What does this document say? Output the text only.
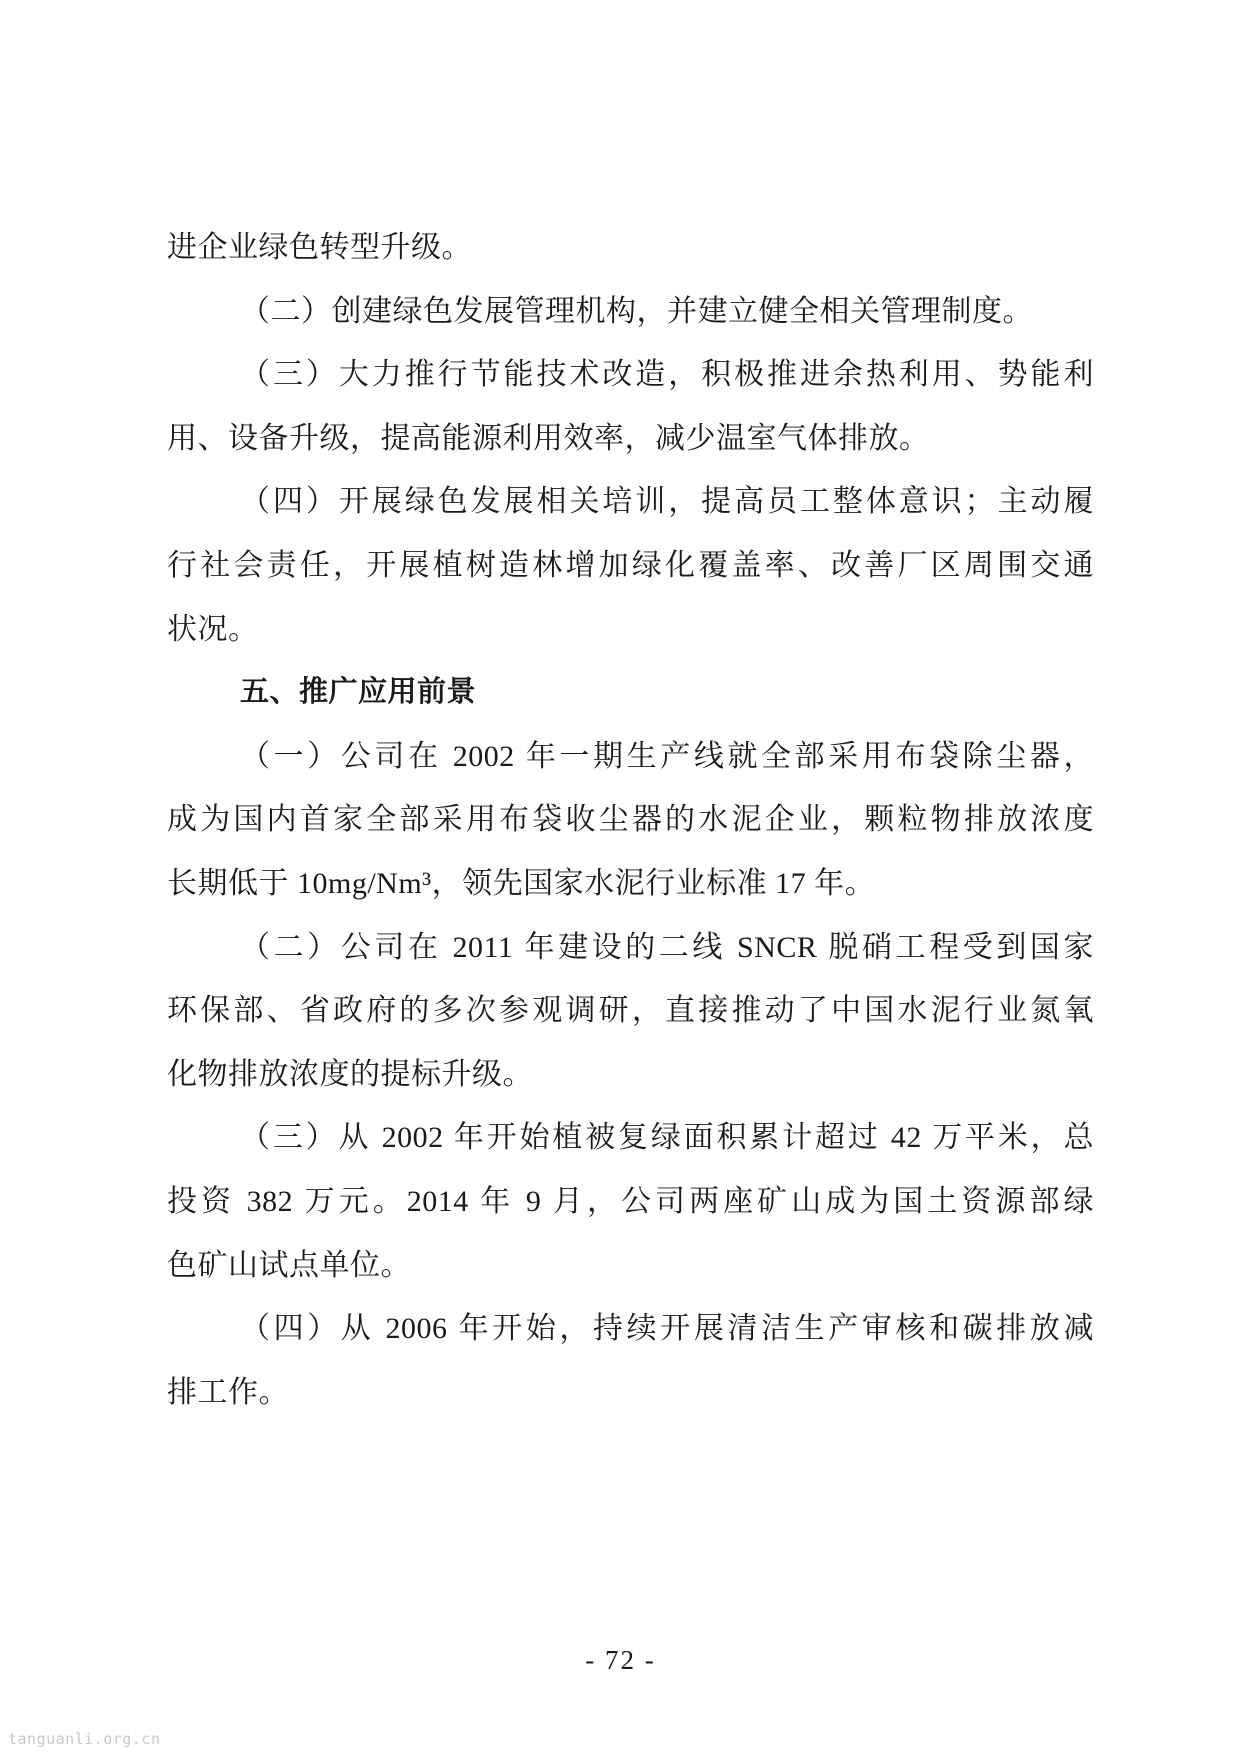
进企业绿色转型升级。
（二）创建绿色发展管理机构，并建立健全相关管理制度。
（三）大力推行节能技术改造，积极推进余热利用、势能利
用、设备升级，提高能源利用效率，减少温室气体排放。
（四）开展绿色发展相关培训，提高员工整体意识；主动履
行社会责任，开展植树造林增加绿化覆盖率、改善厂区周围交通
状况。
五、推广应用前景
（一）公司在 2002 年一期生产线就全部采用布袋除尘器，
成为国内首家全部采用布袋收尘器的水泥企业，颗粒物排放浓度
长期低于 10mg/Nm³，领先国家水泥行业标准 17 年。
（二）公司在 2011 年建设的二线 SNCR 脱硝工程受到国家
环保部、省政府的多次参观调研，直接推动了中国水泥行业氮氧
化物排放浓度的提标升级。
（三）从 2002 年开始植被复绿面积累计超过 42 万平米，总
投资 382 万元。2014 年 9 月，公司两座矿山成为国土资源部绿
色矿山试点单位。
（四）从 2006 年开始，持续开展清洁生产审核和碳排放减
排工作。
- 72 -
tanguanli.org.cn
